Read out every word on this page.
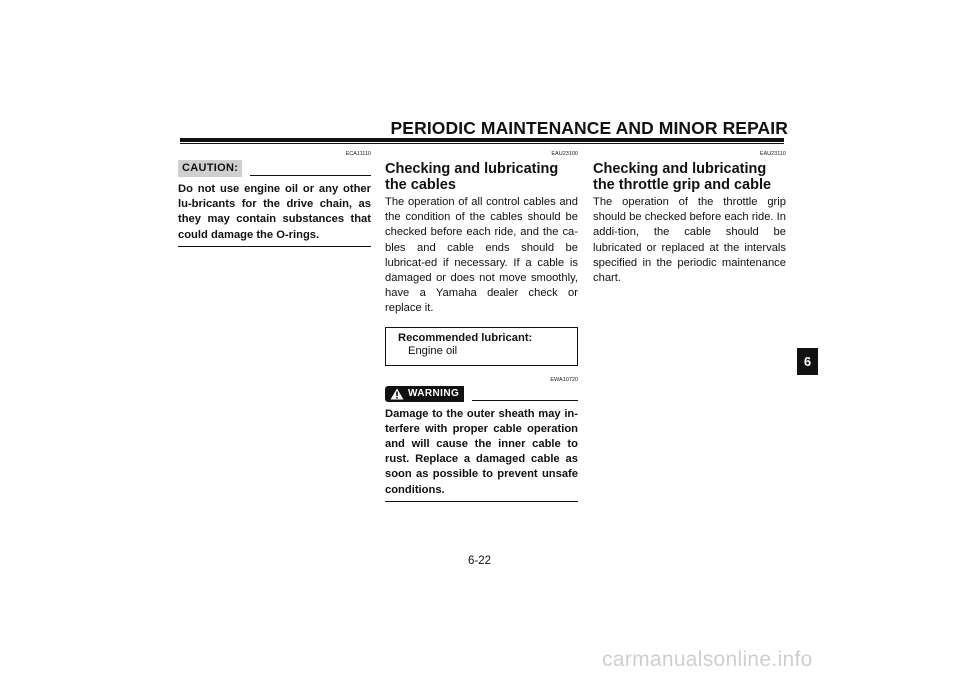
PERIODIC MAINTENANCE AND MINOR REPAIR
ECA11110
CAUTION:
Do not use engine oil or any other lu-bricants for the drive chain, as they may contain substances that could damage the O-rings.
EAU23100
Checking and lubricating the cables
The operation of all control cables and the condition of the cables should be checked before each ride, and the ca-bles and cable ends should be lubricat-ed if necessary. If a cable is damaged or does not move smoothly, have a Yamaha dealer check or replace it.
Recommended lubricant:
Engine oil
EWA10720
WARNING
Damage to the outer sheath may in-terfere with proper cable operation and will cause the inner cable to rust. Replace a damaged cable as soon as possible to prevent unsafe conditions.
EAU23110
Checking and lubricating the throttle grip and cable
The operation of the throttle grip should be checked before each ride. In addi-tion, the cable should be lubricated or replaced at the intervals specified in the periodic maintenance chart.
6-22
6
carmanualsonline.info
